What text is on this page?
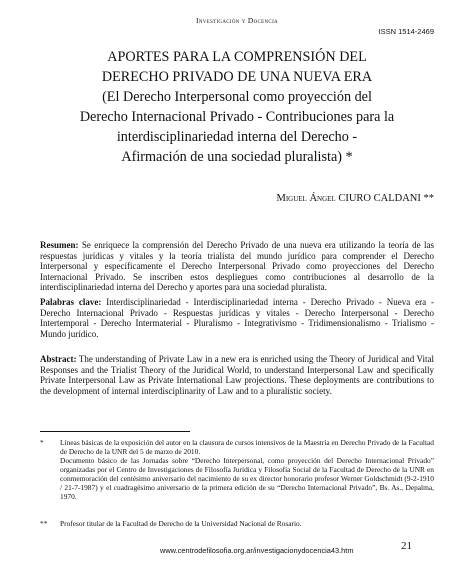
Investigación y Docencia
ISSN 1514-2469
APORTES PARA LA COMPRENSIÓN DEL
DERECHO PRIVADO DE UNA NUEVA ERA
(El Derecho Interpersonal como proyección del
Derecho Internacional Privado - Contribuciones para la
interdisciplinariedad interna del Derecho -
Afirmación de una sociedad pluralista) *
Miguel Ángel CIURO CALDANI **
Resumen: Se enriquece la comprensión del Derecho Privado de una nueva era utilizando la teoría de las respuestas jurídicas y vitales y la teoría trialista del mundo jurídico para comprender el Derecho Interpersonal y específicamente el Derecho Interpersonal Privado como proyecciones del Derecho Internacional Privado. Se inscriben estos despliegues como contribuciones al desarrollo de la interdisciplinariedad interna del Derecho y aportes para una sociedad pluralista.
Palabras clave: Interdisciplinariedad - Interdisciplinariedad interna - Derecho Privado - Nueva era - Derecho Internacional Privado - Respuestas jurídicas y vitales - Derecho Interpersonal - Derecho Intertemporal - Derecho Intermaterial - Pluralismo - Integrativismo - Tridimensionalismo - Trialismo - Mundo jurídico.
Abstract: The understanding of Private Law in a new era is enriched using the Theory of Juridical and Vital Responses and the Trialist Theory of the Juridical World, to understand Interpersonal Law and specifically Private Interpersonal Law as Private International Law projections. These deployments are contributions to the development of internal interdisciplinarity of Law and to a pluralistic society.
* Líneas básicas de la exposición del autor en la clausura de cursos intensivos de la Maestría en Derecho Privado de la Facultad de Derecho de la UNR del 5 de marzo de 2010.

Documento básico de las Jornadas sobre “Derecho Interpersonal, como proyección del Derecho Internacional Privado” organizadas por el Centro de Investigaciones de Filosofía Jurídica y Filosofía Social de la Facultad de Derecho de la UNR en conmemoración del centésimo aniversario del nacimiento de su ex director honorario profesor Werner Goldschmidt (9-2-1910 / 21-7-1987) y el cuadragésimo aniversario de la primera edición de su “Derecho Internacional Privado”, Bs. As., Depalma, 1970.

** Profesor titular de la Facultad de Derecho de la Universidad Nacional de Rosario.

www.centrodefilosofia.org.ar/investigacionydocencia43.htm	21
